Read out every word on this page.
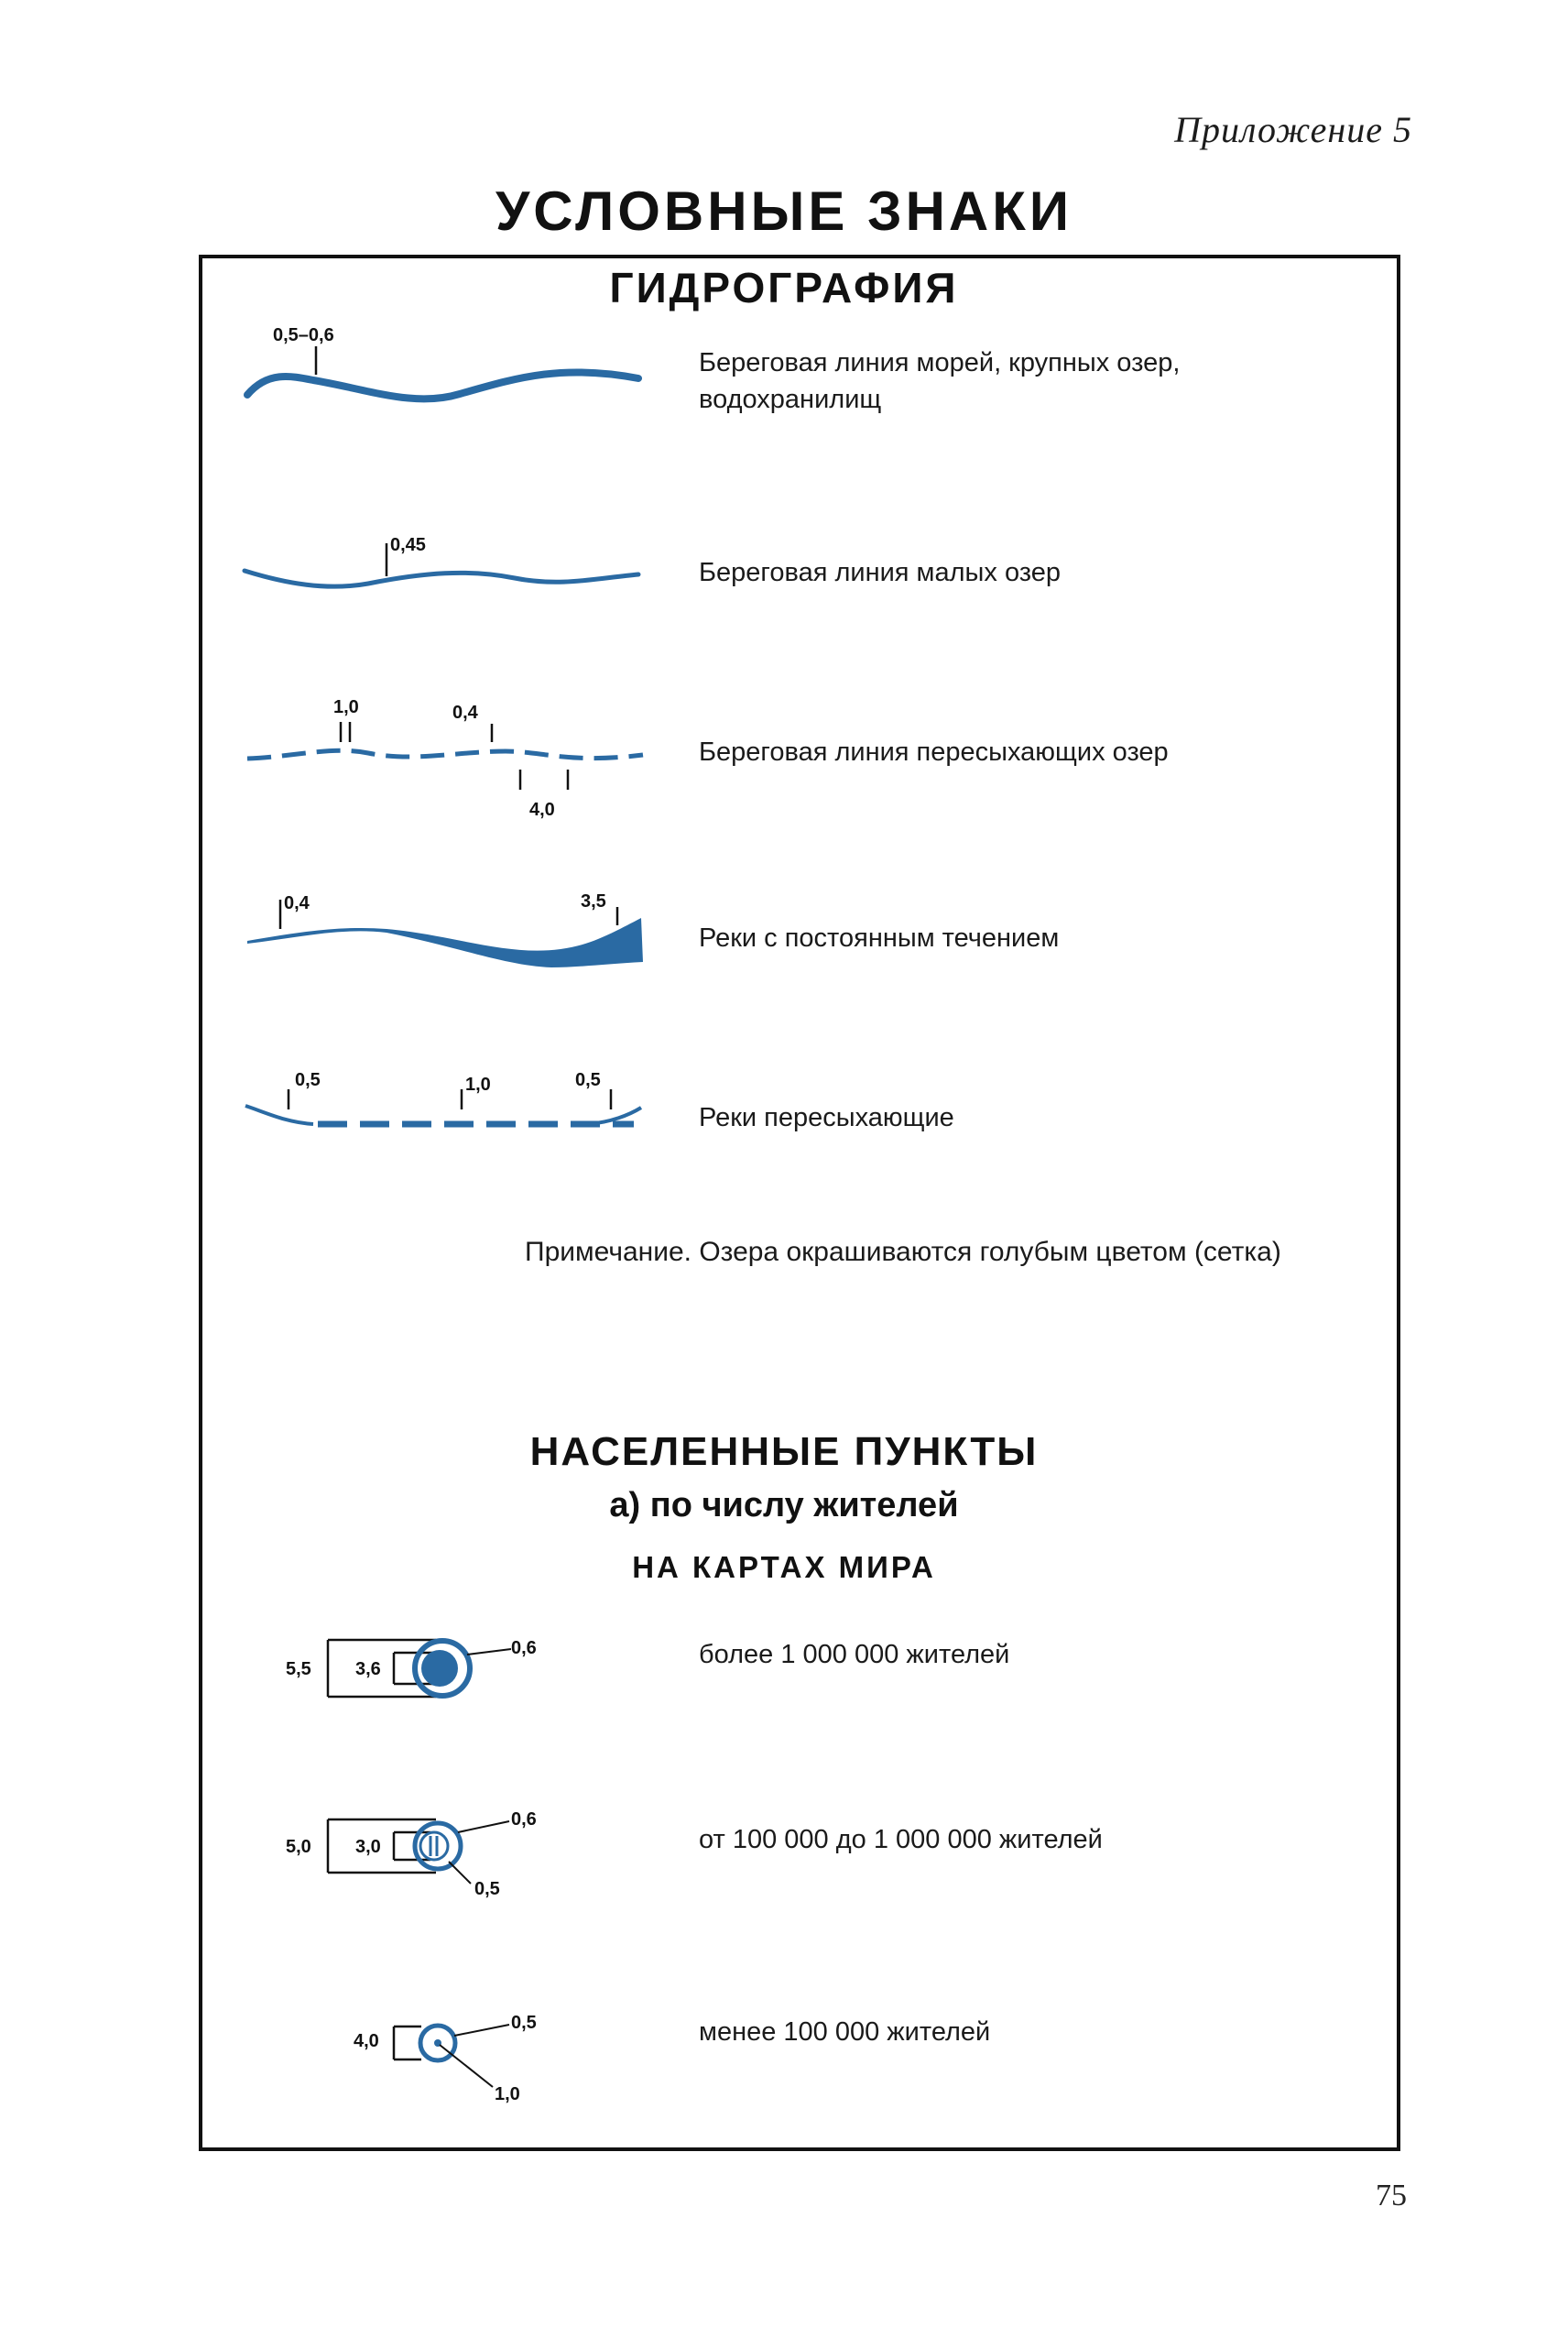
Приложение 5
УСЛОВНЫЕ ЗНАКИ
ГИДРОГРАФИЯ
0,5–0,6
Береговая линия морей, крупных озер, водохранилищ
0,45
Береговая линия малых озер
1,0	0,4
4,0
Береговая линия пересыхающих озер
0,4	3,5
Реки с постоянным течением
0,5	1,0	0,5
Реки пересыхающие
Примечание. Озера окрашиваются голубым цветом (сетка)
НАСЕЛЕННЫЕ ПУНКТЫ
а) по числу жителей
НА КАРТАХ МИРА
5,5 3,6
0,6	более 1 000 000 жителей
5,0 3,0
0,6
0,5
от 100 000 до 1 000 000 жителей
4,0
0,5
1,0
менее 100 000 жителей
75
